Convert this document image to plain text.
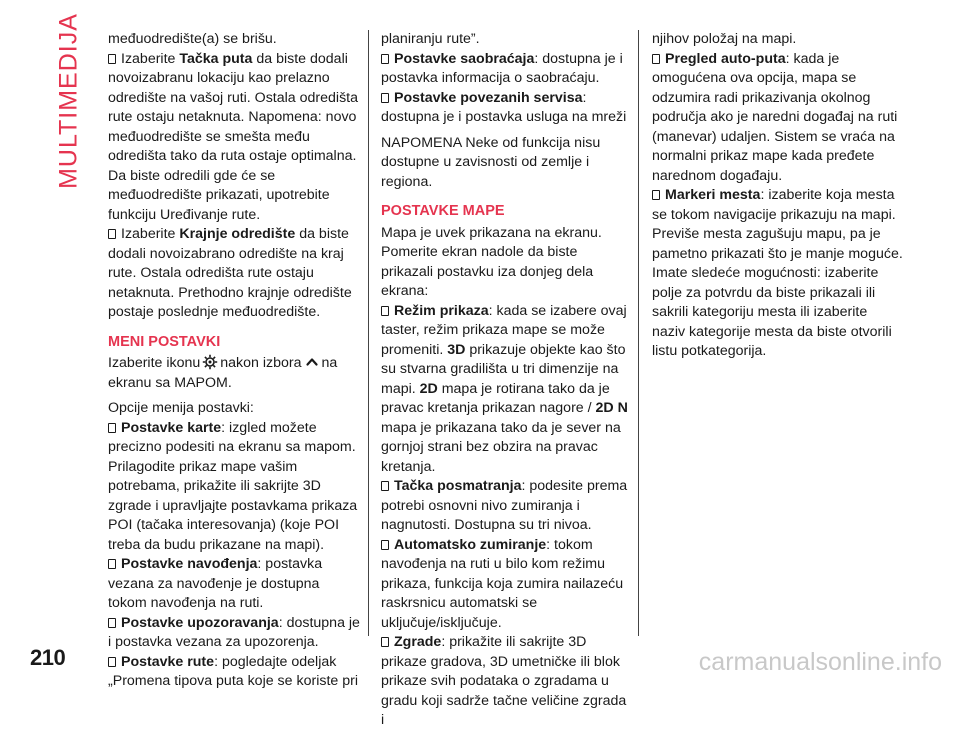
MULTIMEDIJA međuodredište(a) se brišu.

Izaberite Tačka puta da biste dodali novoizabranu lokaciju kao prelazno odredište na vašoj ruti. Ostala odredišta rute ostaju netaknuta. Napomena: novo međuodredište se smešta među odredišta tako da ruta ostaje optimalna. Da biste odredili gde će se međuodredište prikazati, upotrebite funkciju Uređivanje rute.

Izaberite Krajnje odredište da biste dodali novoizabrano odredište na kraj rute. Ostala odredišta rute ostaju netaknuta. Prethodno krajnje odredište postaje poslednje međuodredište.

MENI POSTAVKI

Izaberite ikonu nakon izbora na ekranu sa MAPOM.

Opcije menija postavki:

Postavke karte: izgled možete precizno podesiti na ekranu sa mapom. Prilagodite prikaz mape vašim potrebama, prikažite ili sakrijte 3D zgrade i upravljajte postavkama prikaza POI (tačaka interesovanja) (koje POI treba da budu prikazane na mapi).

Postavke navođenja: postavka vezana za navođenje je dostupna tokom navođenja na ruti.

Postavke upozoravanja: dostupna je i postavka vezana za upozorenja.

Postavke rute: pogledajte odeljak „Promena tipova puta koje se koriste pri

planiranju rute”.

Postavke saobraćaja: dostupna je i postavka informacija o saobraćaju.

Postavke povezanih servisa: dostupna je i postavka usluga na mreži

NAPOMENA Neke od funkcija nisu dostupne u zavisnosti od zemlje i regiona.

POSTAVKE MAPE

Mapa je uvek prikazana na ekranu. Pomerite ekran nadole da biste prikazali postavku iza donjeg dela ekrana:

Režim prikaza: kada se izabere ovaj taster, režim prikaza mape se može promeniti. 3D prikazuje objekte kao što su stvarna gradilišta u tri dimenzije na mapi. 2D mapa je rotirana tako da je pravac kretanja prikazan nagore / 2D N mapa je prikazana tako da je sever na gornjoj strani bez obzira na pravac kretanja.

Tačka posmatranja: podesite prema potrebi osnovni nivo zumiranja i nagnutosti. Dostupna su tri nivoa.

Automatsko zumiranje: tokom navođenja na ruti u bilo kom režimu prikaza, funkcija koja zumira nailazeću raskrsnicu automatski se uključuje/isključuje.

Zgrade: prikažite ili sakrijte 3D prikaze gradova, 3D umetničke ili blok prikaze svih podataka o zgradama u gradu koji sadrže tačne veličine zgrada i

njihov položaj na mapi.

Pregled auto-puta: kada je omogućena ova opcija, mapa se odzumira radi prikazivanja okolnog područja ako je naredni događaj na ruti (manevar) udaljen. Sistem se vraća na normalni prikaz mape kada pređete narednom događaju.

Markeri mesta: izaberite koja mesta se tokom navigacije prikazuju na mapi. Previše mesta zagušuju mapu, pa je pametno prikazati što je manje moguće. Imate sledeće mogućnosti: izaberite polje za potvrdu da biste prikazali ili sakrili kategoriju mesta ili izaberite naziv kategorije mesta da biste otvorili listu potkategorija.

210	carmanualsonline.info
